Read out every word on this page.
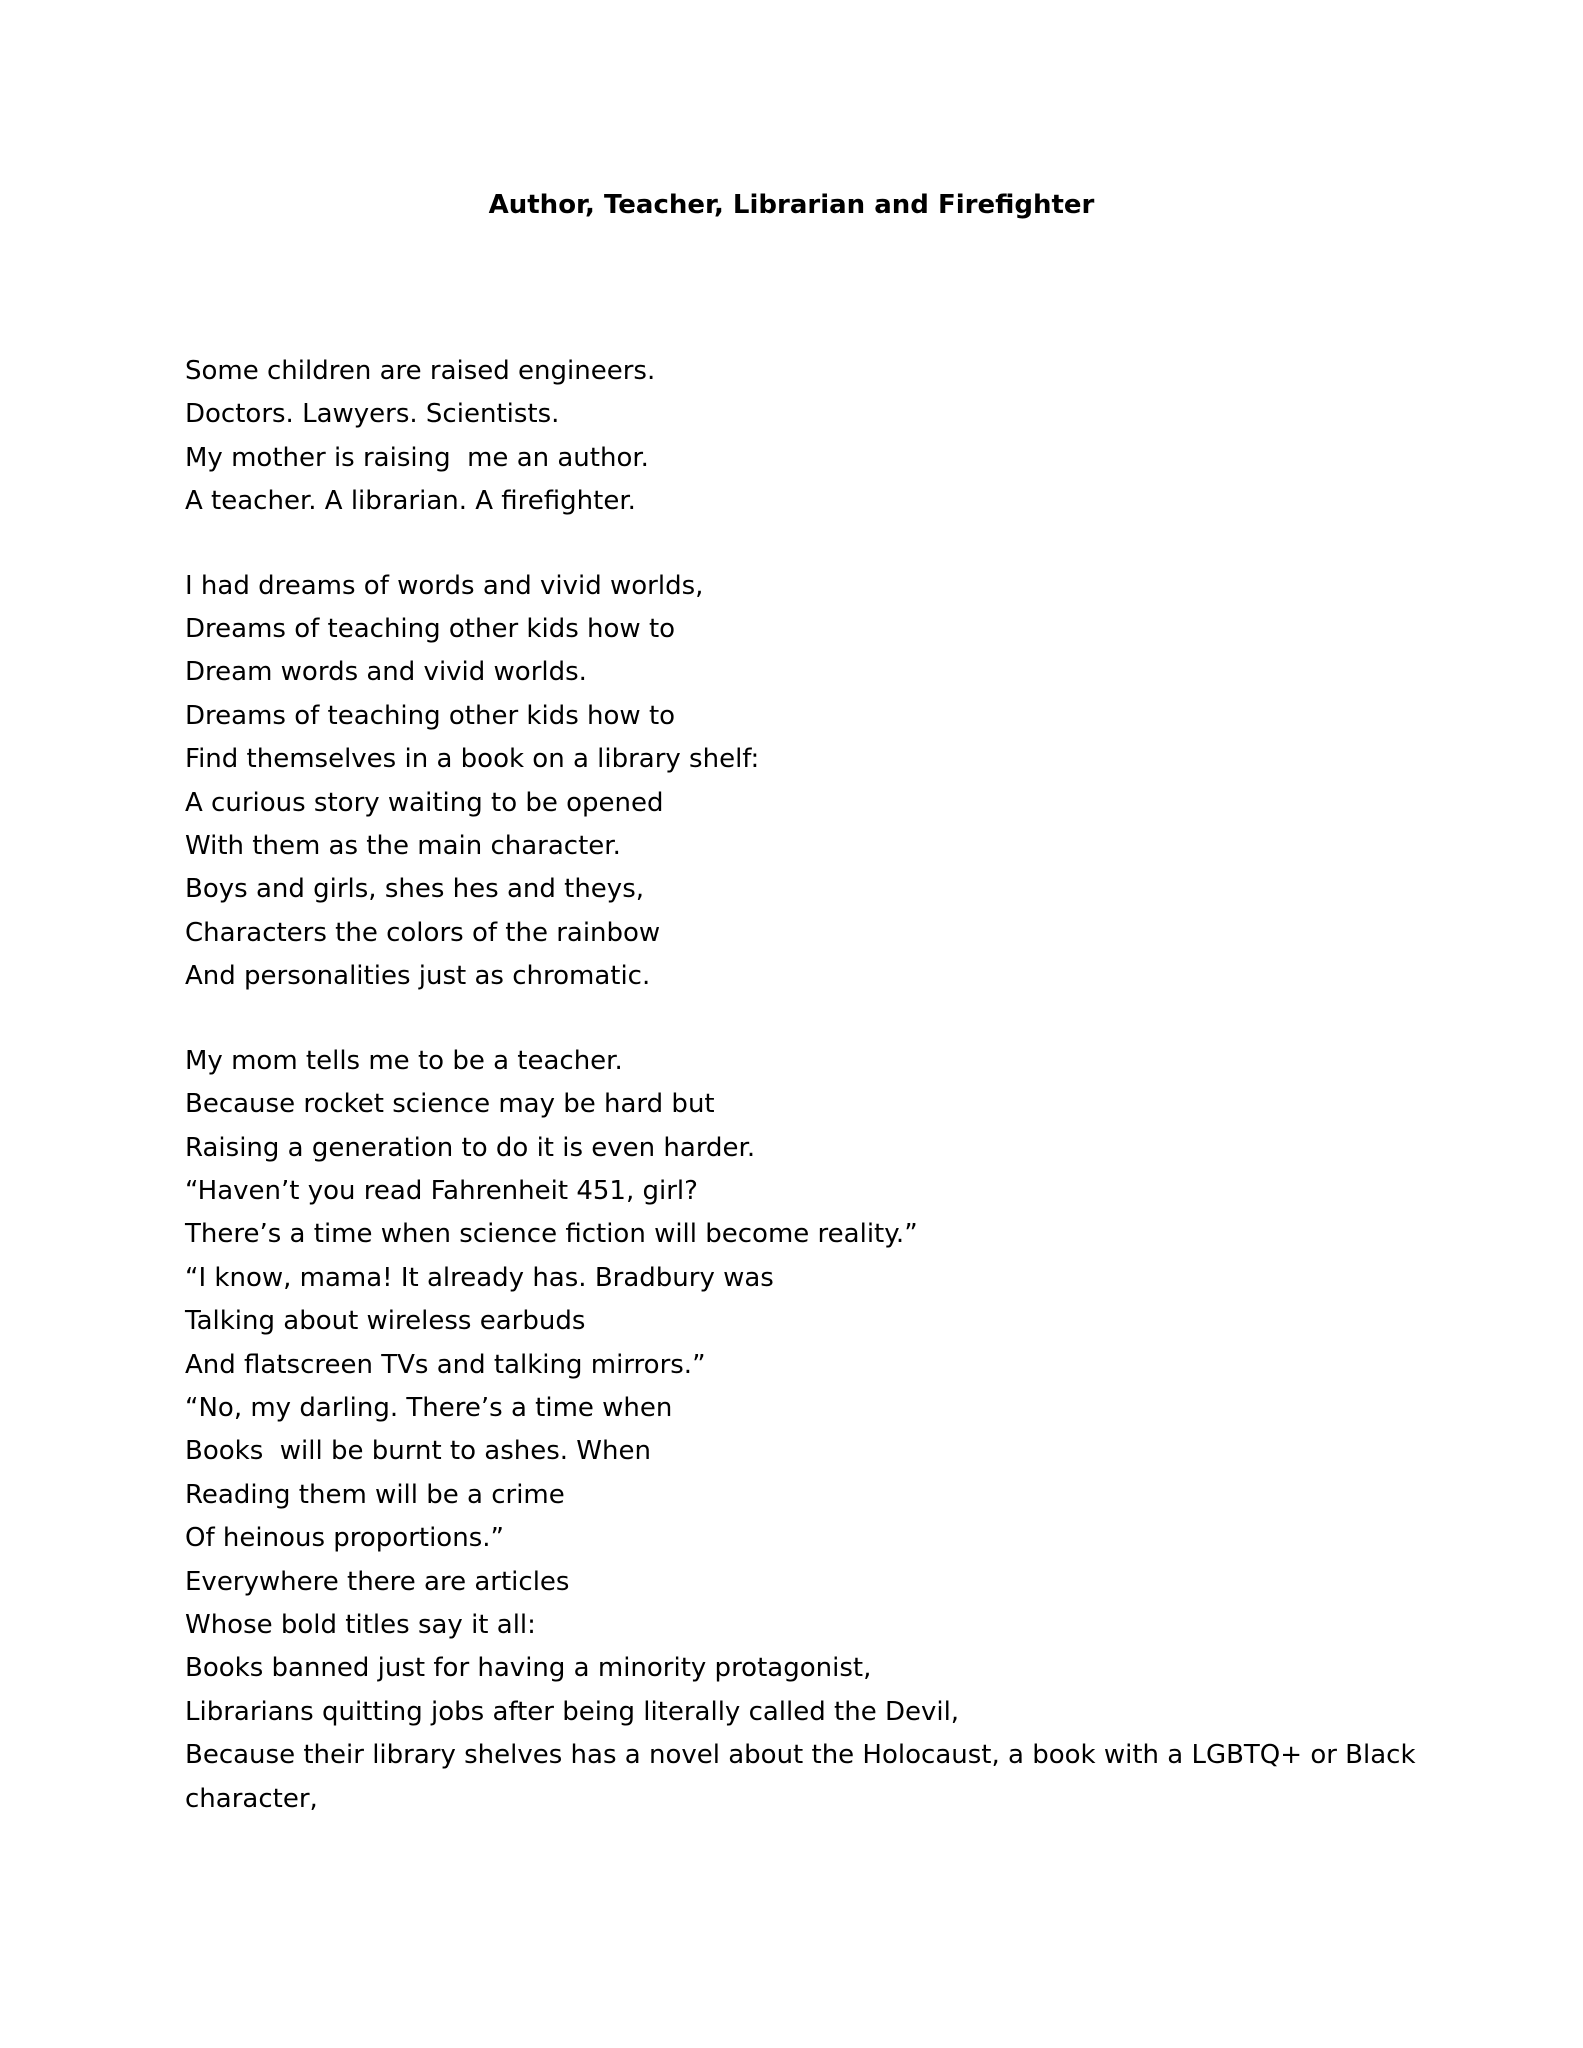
Author, Teacher, Librarian and Firefighter
Some children are raised engineers.
Doctors. Lawyers. Scientists.
My mother is raising  me an author.
A teacher. A librarian. A firefighter.
I had dreams of words and vivid worlds,
Dreams of teaching other kids how to
Dream words and vivid worlds.
Dreams of teaching other kids how to
Find themselves in a book on a library shelf:
A curious story waiting to be opened
With them as the main character.
Boys and girls, shes hes and theys,
Characters the colors of the rainbow
And personalities just as chromatic.
My mom tells me to be a teacher.
Because rocket science may be hard but
Raising a generation to do it is even harder.
“Haven’t you read Fahrenheit 451, girl?
There’s a time when science fiction will become reality.”
“I know, mama! It already has. Bradbury was
Talking about wireless earbuds
And flatscreen TVs and talking mirrors.”
“No, my darling. There’s a time when
Books  will be burnt to ashes. When
Reading them will be a crime
Of heinous proportions.”
Everywhere there are articles
Whose bold titles say it all:
Books banned just for having a minority protagonist,
Librarians quitting jobs after being literally called the Devil,
Because their library shelves has a novel about the Holocaust, a book with a LGBTQ+ or Black
character,
